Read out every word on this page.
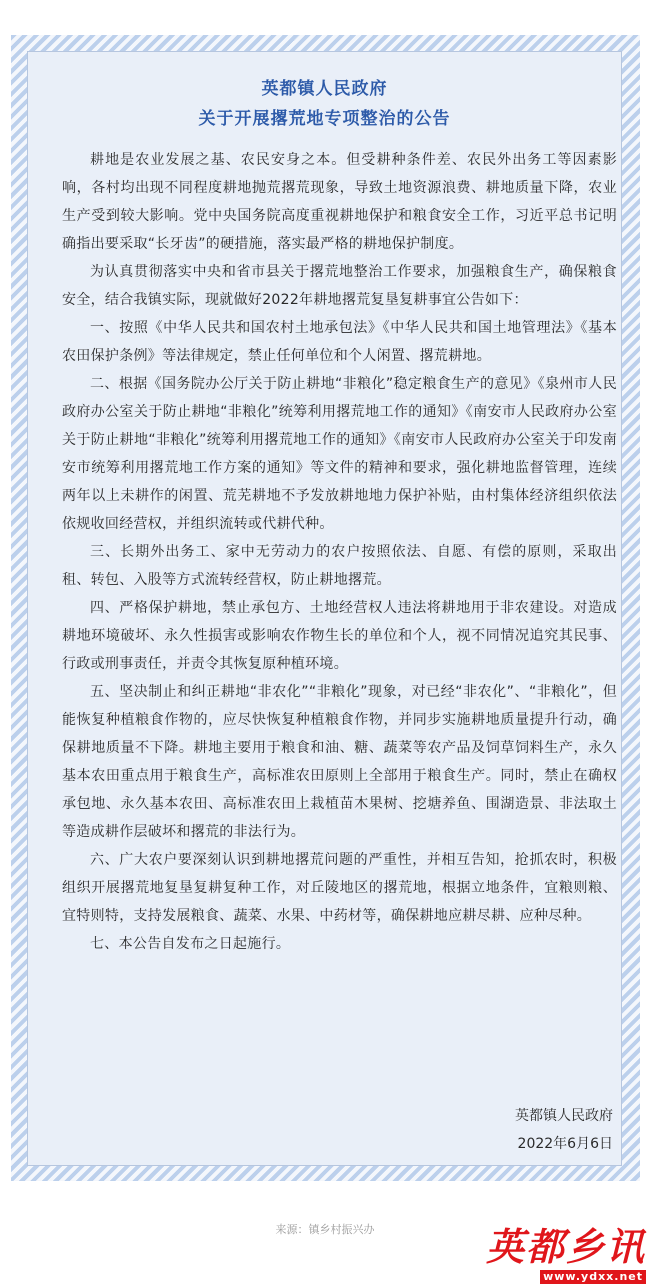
英都镇人民政府
关于开展撂荒地专项整治的公告

耕地是农业发展之基、农民安身之本。但受耕种条件差、农民外出务工等因素影响，各村均出现不同程度耕地抛荒撂荒现象，导致土地资源浪费、耕地质量下降，农业生产受到较大影响。党中央国务院高度重视耕地保护和粮食安全工作，习近平总书记明确指出要采取“长牙齿”的硬措施，落实最严格的耕地保护制度。

为认真贯彻落实中央和省市县关于撂荒地整治工作要求，加强粮食生产，确保粮食安全，结合我镇实际，现就做好2022年耕地撂荒复垦复耕事宜公告如下：

一、按照《中华人民共和国农村土地承包法》《中华人民共和国土地管理法》《基本农田保护条例》等法律规定，禁止任何单位和个人闲置、撂荒耕地。

二、根据《国务院办公厅关于防止耕地“非粮化”稳定粮食生产的意见》《泉州市人民政府办公室关于防止耕地“非粮化”统筹利用撂荒地工作的通知》《南安市人民政府办公室关于防止耕地“非粮化”统筹利用撂荒地工作的通知》《南安市人民政府办公室关于印发南安市统筹利用撂荒地工作方案的通知》等文件的精神和要求，强化耕地监督管理，连续两年以上未耕作的闲置、荒芜耕地不予发放耕地地力保护补贴，由村集体经济组织依法依规收回经营权，并组织流转或代耕代种。

三、长期外出务工、家中无劳动力的农户按照依法、自愿、有偿的原则，采取出租、转包、入股等方式流转经营权，防止耕地撂荒。

四、严格保护耕地，禁止承包方、土地经营权人违法将耕地用于非农建设。对造成耕地环境破坏、永久性损害或影响农作物生长的单位和个人，视不同情况追究其民事、行政或刑事责任，并责令其恢复原种植环境。

五、坚决制止和纠正耕地“非农化”“非粮化”现象，对已经“非农化”、“非粮化”，但能恢复种植粮食作物的，应尽快恢复种植粮食作物，并同步实施耕地质量提升行动，确保耕地质量不下降。耕地主要用于粮食和油、糖、蔬菜等农产品及饲草饲料生产，永久基本农田重点用于粮食生产，高标准农田原则上全部用于粮食生产。同时，禁止在确权承包地、永久基本农田、高标准农田上栽植苗木果树、挖塘养鱼、围湖造景、非法取土等造成耕作层破坏和撂荒的非法行为。

六、广大农户要深刻认识到耕地撂荒问题的严重性，并相互告知，抢抓农时，积极组织开展撂荒地复垦复耕复种工作，对丘陵地区的撂荒地，根据立地条件，宜粮则粮、宜特则特，支持发展粮食、蔬菜、水果、中药材等，确保耕地应耕尽耕、应种尽种。

七、本公告自发布之日起施行。

英都镇人民政府
2022年6月6日
来源：镇乡村振兴办	英都乡讯
www.ydxx.net
